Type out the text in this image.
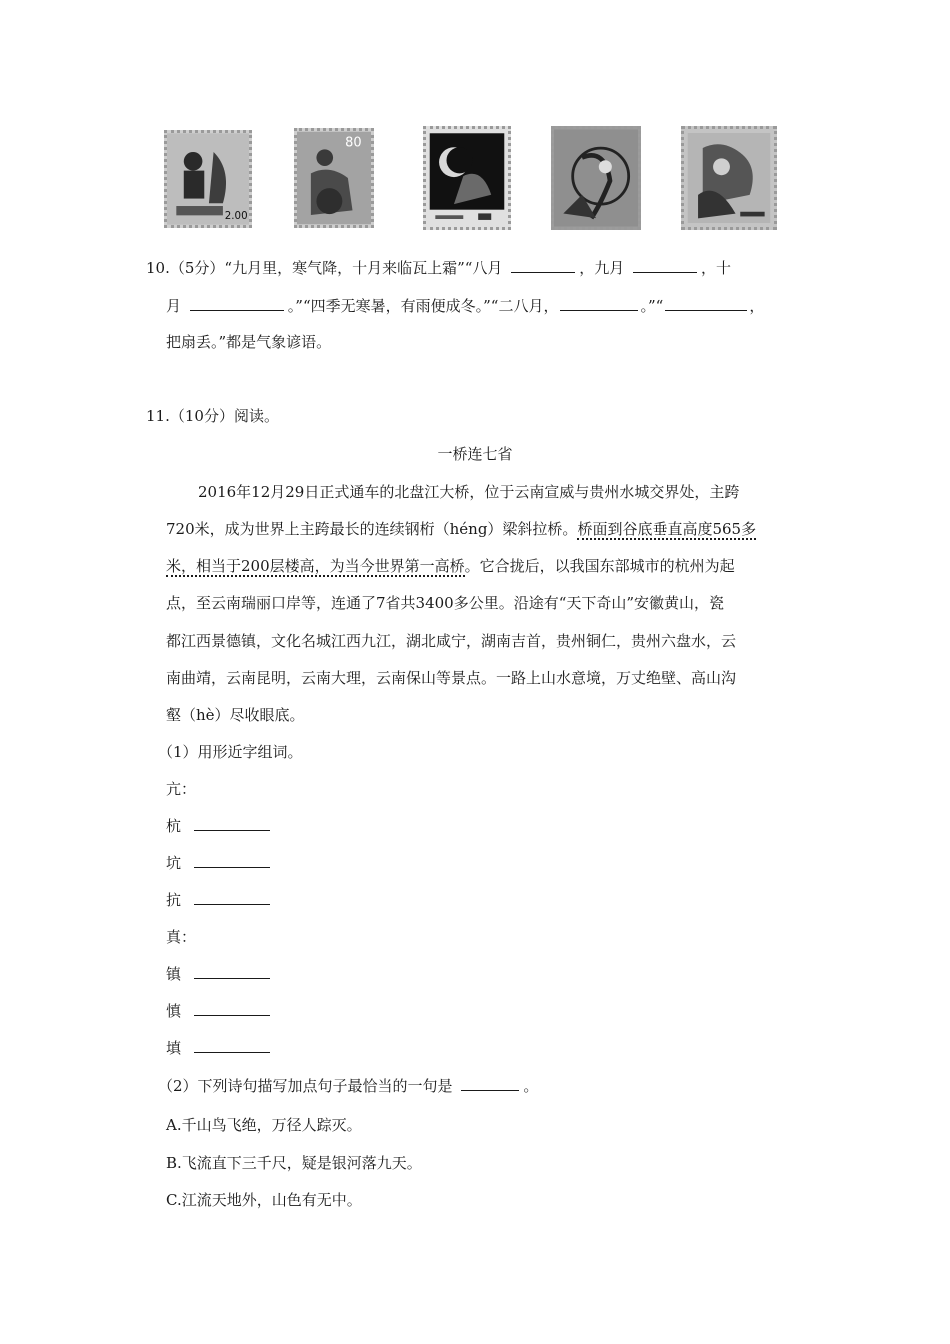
2.00
80
10.（5分）“九月里，寒气降，十月来临瓦上霜”“八月	，九月	，十
月	。”“四季无寒暑，有雨便成冬。”“二八月，	。”“	，
把扇丢。”都是气象谚语。
11.（10分）阅读。
一桥连七省
2016年12月29日正式通车的北盘江大桥，位于云南宣威与贵州水城交界处，主跨
720米，成为世界上主跨最长的连续钢桁（héng）梁斜拉桥。桥面到谷底垂直高度565多
米，相当于200层楼高，为当今世界第一高桥。它合拢后，以我国东部城市的杭州为起
点，至云南瑞丽口岸等，连通了7省共3400多公里。沿途有“天下奇山”安徽黄山，瓷
都江西景德镇，文化名城江西九江，湖北咸宁，湖南吉首，贵州铜仁，贵州六盘水，云
南曲靖，云南昆明，云南大理，云南保山等景点。一路上山水意境，万丈绝壁、高山沟
壑（hè）尽收眼底。
（1）用形近字组词。
亢：
杭
坑
抗
真：
镇
慎
填
（2）下列诗句描写加点句子最恰当的一句是	。
A.千山鸟飞绝，万径人踪灭。
B.飞流直下三千尺，疑是银河落九天。
C.江流天地外，山色有无中。
